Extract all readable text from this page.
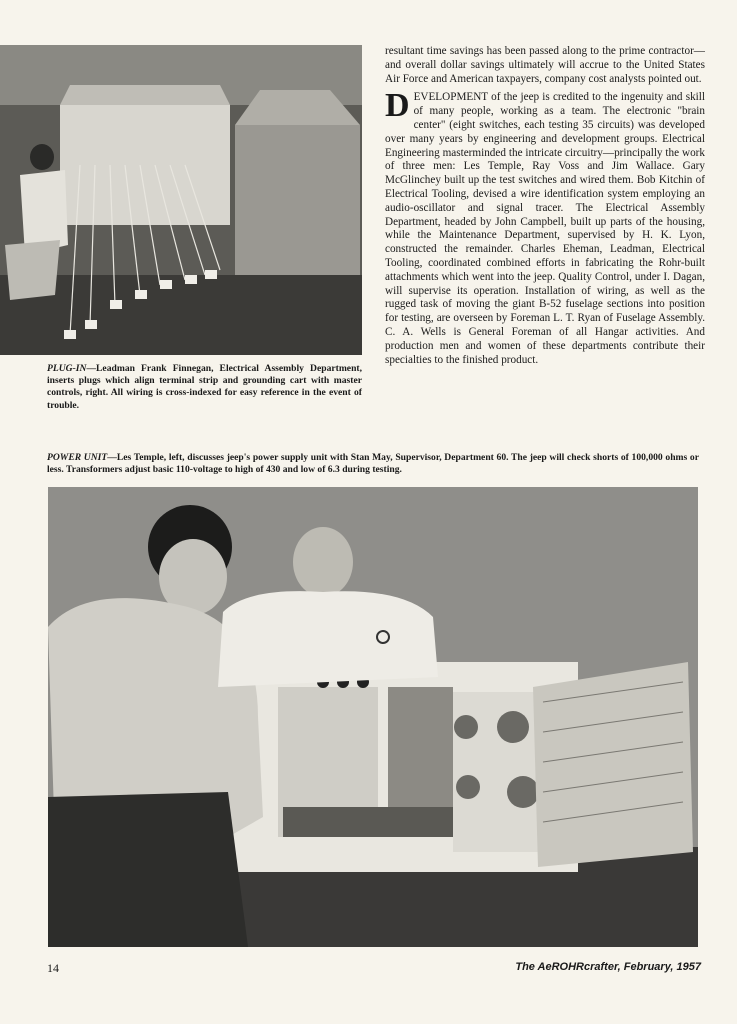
resultant time savings has been passed along to the prime contractor—and overall dollar savings ultimately will accrue to the United States Air Force and American taxpayers, company cost analysts pointed out.

DEVELOPMENT of the jeep is credited to the ingenuity and skill of many people, working as a team. The electronic "brain center" (eight switches, each testing 35 circuits) was developed over many years by engineering and development groups. Electrical Engineering masterminded the intricate circuitry—principally the work of three men: Les Temple, Ray Voss and Jim Wallace. Gary McGlinchey built up the test switches and wired them. Bob Kitchin of Electrical Tooling, devised a wire identification system employing an audio-oscillator and signal tracer. The Electrical Assembly Department, headed by John Campbell, built up parts of the housing, while the Maintenance Department, supervised by H. K. Lyon, constructed the remainder. Charles Eheman, Leadman, Electrical Tooling, coordinated combined efforts in fabricating the Rohr-built attachments which went into the jeep. Quality Control, under I. Dagan, will supervise its operation. Installation of wiring, as well as the rugged task of moving the giant B-52 fuselage sections into position for testing, are overseen by Foreman L. T. Ryan of Fuselage Assembly. C. A. Wells is General Foreman of all Hangar activities. And production men and women of these departments contribute their specialties to the finished product.

PLUG-IN—Leadman Frank Finnegan, Electrical Assembly Department, inserts plugs which align terminal strip and grounding cart with master controls, right. All wiring is cross-indexed for easy reference in the event of trouble.
POWER UNIT—Les Temple, left, discusses jeep's power supply unit with Stan May, Supervisor, Department 60. The jeep will check shorts of 100,000 ohms or less. Transformers adjust basic 110-voltage to high of 430 and low of 6.3 during testing.
14	The AeROHRcrafter, February, 1957
